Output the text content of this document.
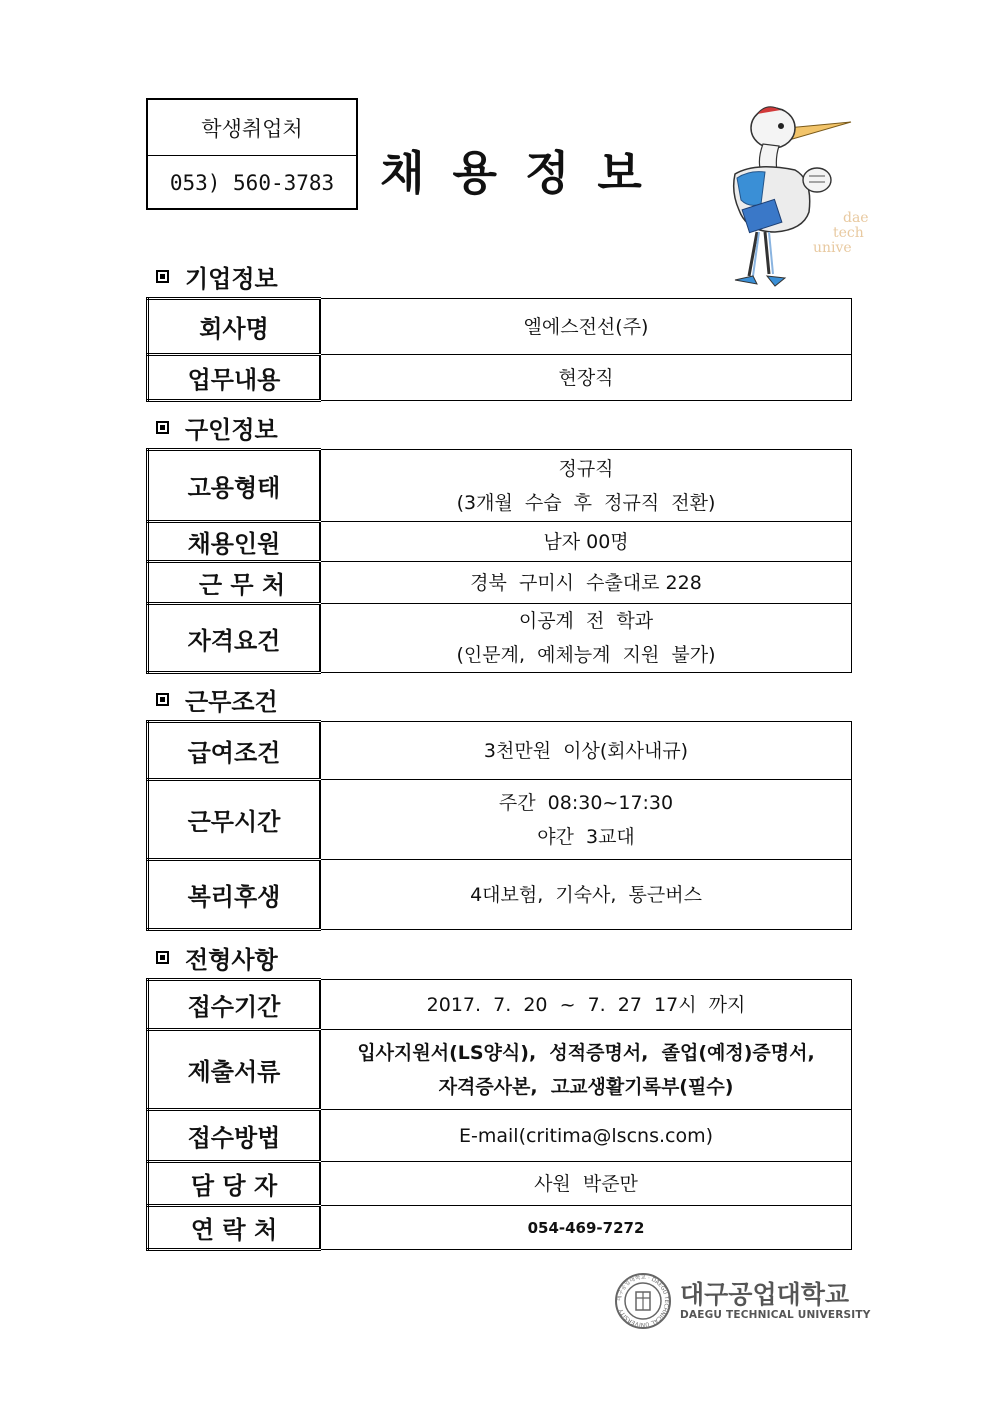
학생취업처
053) 560-3783 채용정보
dae
tech
unive
기업정보
회사명	엘에스전선(주)
업무내용	현장직
구인정보
고용형태	정규직
(3개월  수습  후  정규직  전환)

채용인원	남자 00명
근 무 처	경북  구미시  수출대로 228
자격요건	이공계  전  학과
(인문계,  예체능계  지원  불가)
근무조건
급여조건	3천만원  이상(회사내규)
근무시간	주간  08:30~17:30
야간  3교대

복리후생	4대보험,  기숙사,  통근버스
전형사항
접수기간	2017.  7.  20  ~  7.  27  17시  까지
제출서류	입사지원서(LS양식),  성적증명서,  졸업(예정)증명서,
자격증사본,  고교생활기록부(필수)

접수방법	E-mail(critima@lscns.com)
담 당 자	사원  박준만
연 락 처	054-469-7272
대구공업대학교 · DAEGU TECHNICAL UNIVERSITY
대구공업대학교
DAEGU TECHNICAL UNIVERSITY
